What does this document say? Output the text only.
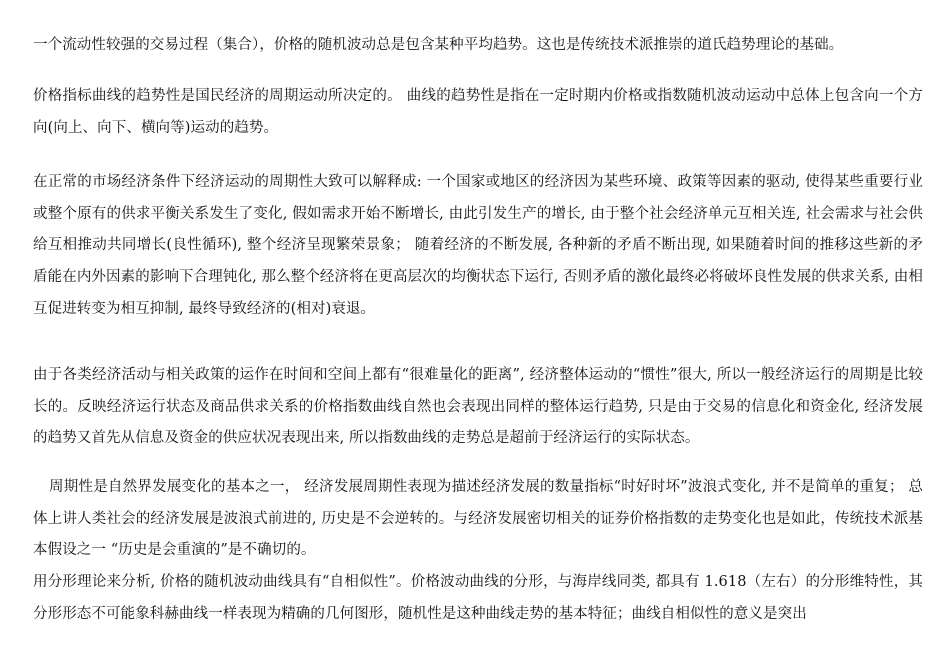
一个流动性较强的交易过程（集合），价格的随机波动总是包含某种平均趋势。这也是传统技术派推崇的道氏趋势理论的基础。

价格指标曲线的趋势性是国民经济的周期运动所决定的。 曲线的趋势性是指在一定时期内价格或指数随机波动运动中总体上包含向一个方向(向上、向下、横向等)运动的趋势。

在正常的市场经济条件下经济运动的周期性大致可以解释成: 一个国家或地区的经济因为某些环境、政策等因素的驱动, 使得某些重要行业或整个原有的供求平衡关系发生了变化, 假如需求开始不断增长, 由此引发生产的增长, 由于整个社会经济单元互相关连, 社会需求与社会供给互相推动共同增长(良性循环), 整个经济呈现繁荣景象； 随着经济的不断发展, 各种新的矛盾不断出现, 如果随着时间的推移这些新的矛盾能在内外因素的影响下合理钝化, 那么整个经济将在更高层次的均衡状态下运行, 否则矛盾的激化最终必将破坏良性发展的供求关系, 由相互促进转变为相互抑制, 最终导致经济的(相对)衰退。

由于各类经济活动与相关政策的运作在时间和空间上都有“很难量化的距离”, 经济整体运动的“惯性”很大, 所以一般经济运行的周期是比较长的。反映经济运行状态及商品供求关系的价格指数曲线自然也会表现出同样的整体运行趋势, 只是由于交易的信息化和资金化, 经济发展的趋势又首先从信息及资金的供应状况表现出来, 所以指数曲线的走势总是超前于经济运行的实际状态。

周期性是自然界发展变化的基本之一， 经济发展周期性表现为描述经济发展的数量指标“时好时坏”波浪式变化, 并不是简单的重复； 总体上讲人类社会的经济发展是波浪式前进的, 历史是不会逆转的。与经济发展密切相关的证券价格指数的走势变化也是如此，传统技术派基本假设之一 “历史是会重演的”是不确切的。

用分形理论来分析, 价格的随机波动曲线具有“自相似性”。价格波动曲线的分形，与海岸线同类, 都具有 1.618（左右）的分形维特性，其分形形态不可能象科赫曲线一样表现为精确的几何图形，随机性是这种曲线走势的基本特征；曲线自相似性的意义是突出
